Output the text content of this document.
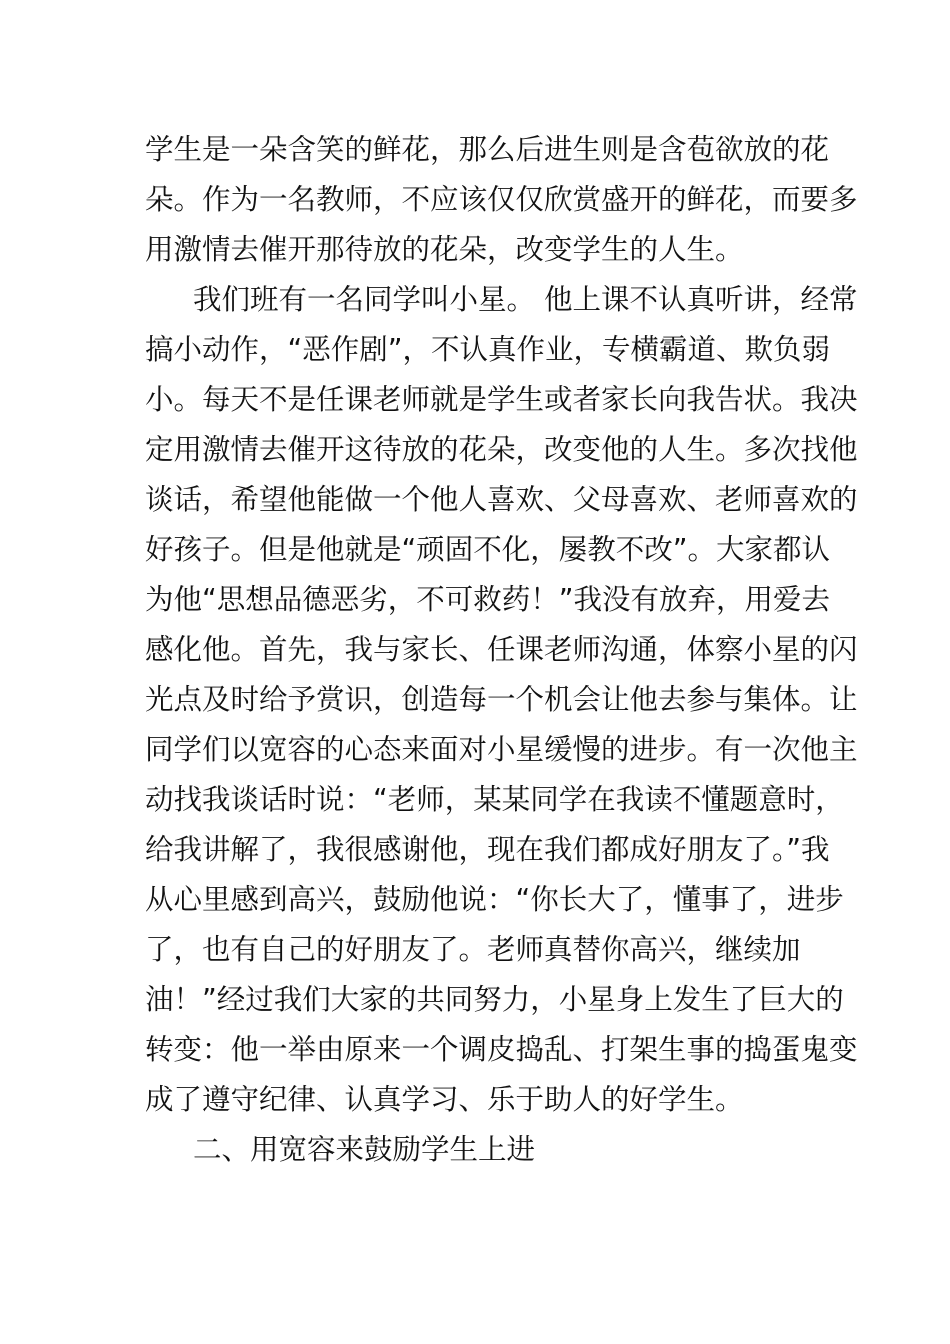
学生是一朵含笑的鲜花，那么后进生则是含苞欲放的花
朵。作为一名教师，不应该仅仅欣赏盛开的鲜花，而要多
用激情去催开那待放的花朵，改变学生的人生。
我们班有一名同学叫小星。 他上课不认真听讲，经常
搞小动作，“恶作剧”，不认真作业，专横霸道、欺负弱
小。每天不是任课老师就是学生或者家长向我告状。我决
定用激情去催开这待放的花朵，改变他的人生。多次找他
谈话，希望他能做一个他人喜欢、父母喜欢、老师喜欢的
好孩子。但是他就是“顽固不化，屡教不改”。大家都认
为他“思想品德恶劣，不可救药！”我没有放弃，用爱去
感化他。首先，我与家长、任课老师沟通，体察小星的闪
光点及时给予赏识，创造每一个机会让他去参与集体。让
同学们以宽容的心态来面对小星缓慢的进步。有一次他主
动找我谈话时说：“老师，某某同学在我读不懂题意时，
给我讲解了，我很感谢他，现在我们都成好朋友了。”我
从心里感到高兴，鼓励他说：“你长大了，懂事了，进步
了，也有自己的好朋友了。老师真替你高兴，继续加
油！”经过我们大家的共同努力，小星身上发生了巨大的
转变：他一举由原来一个调皮捣乱、打架生事的捣蛋鬼变
成了遵守纪律、认真学习、乐于助人的好学生。
二、用宽容来鼓励学生上进
